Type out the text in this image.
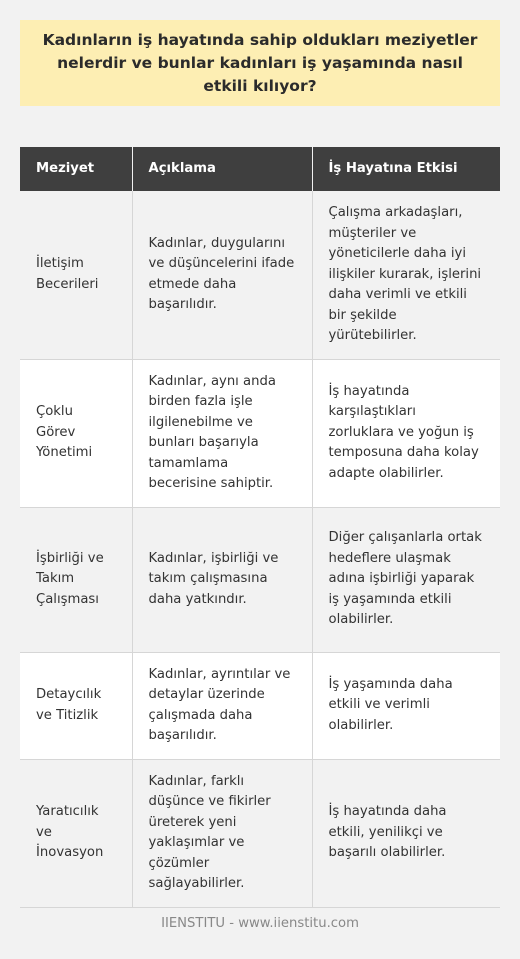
Kadınların iş hayatında sahip oldukları meziyetler nelerdir ve bunlar kadınları iş yaşamında nasıl etkili kılıyor?
Meziyet	Açıklama	İş Hayatına Etkisi
İletişim Becerileri	Kadınlar, duygularını ve düşüncelerini ifade etmede daha başarılıdır.	Çalışma arkadaşları, müşteriler ve yöneticilerle daha iyi ilişkiler kurarak, işlerini daha verimli ve etkili bir şekilde yürütebilirler.
Çoklu Görev Yönetimi	Kadınlar, aynı anda birden fazla işle ilgilenebilme ve bunları başarıyla tamamlama becerisine sahiptir.	İş hayatında karşılaştıkları zorluklara ve yoğun iş temposuna daha kolay adapte olabilirler.
İşbirliği ve Takım Çalışması	Kadınlar, işbirliği ve takım çalışmasına daha yatkındır.	Diğer çalışanlarla ortak hedeflere ulaşmak adına işbirliği yaparak iş yaşamında etkili olabilirler.
Detaycılık ve Titizlik	Kadınlar, ayrıntılar ve detaylar üzerinde çalışmada daha başarılıdır.	İş yaşamında daha etkili ve verimli olabilirler.
Yaratıcılık ve İnovasyon	Kadınlar, farklı düşünce ve fikirler üreterek yeni yaklaşımlar ve çözümler sağlayabilirler.	İş hayatında daha etkili, yenilikçi ve başarılı olabilirler.
IIENSTITU - www.iienstitu.com
